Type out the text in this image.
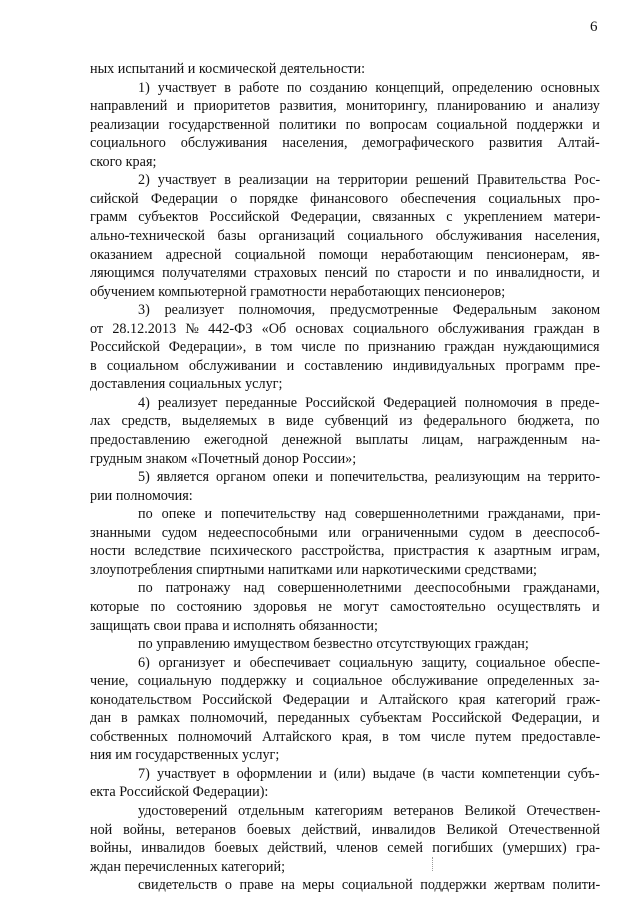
6
ных испытаний и космической деятельности:
1) участвует в работе по созданию концепций, определению основных
направлений и приоритетов развития, мониторингу, планированию и анализу
реализации государственной политики по вопросам социальной поддержки и
социального обслуживания населения, демографического развития Алтай-
ского края;
2) участвует в реализации на территории решений Правительства Рос-
сийской Федерации о порядке финансового обеспечения социальных про-
грамм субъектов Российской Федерации, связанных с укреплением матери-
ально-технической базы организаций социального обслуживания населения,
оказанием адресной социальной помощи неработающим пенсионерам, яв-
ляющимся получателями страховых пенсий по старости и по инвалидности, и
обучением компьютерной грамотности неработающих пенсионеров;
3) реализует полномочия, предусмотренные Федеральным законом
от 28.12.2013 № 442-ФЗ «Об основах социального обслуживания граждан в
Российской Федерации», в том числе по признанию граждан нуждающимися
в социальном обслуживании и составлению индивидуальных программ пре-
доставления социальных услуг;
4) реализует переданные Российской Федерацией полномочия в преде-
лах средств, выделяемых в виде субвенций из федерального бюджета, по
предоставлению ежегодной денежной выплаты лицам, награжденным на-
грудным знаком «Почетный донор России»;
5) является органом опеки и попечительства, реализующим на террито-
рии полномочия:
по опеке и попечительству над совершеннолетними гражданами, при-
знанными судом недееспособными или ограниченными судом в дееспособ-
ности вследствие психического расстройства, пристрастия к азартным играм,
злоупотребления спиртными напитками или наркотическими средствами;
по патронажу над совершеннолетними дееспособными гражданами,
которые по состоянию здоровья не могут самостоятельно осуществлять и
защищать свои права и исполнять обязанности;
по управлению имуществом безвестно отсутствующих граждан;
6) организует и обеспечивает социальную защиту, социальное обеспе-
чение, социальную поддержку и социальное обслуживание определенных за-
конодательством Российской Федерации и Алтайского края категорий граж-
дан в рамках полномочий, переданных субъектам Российской Федерации, и
собственных полномочий Алтайского края, в том числе путем предоставле-
ния им государственных услуг;
7) участвует в оформлении и (или) выдаче (в части компетенции субъ-
екта Российской Федерации):
удостоверений отдельным категориям ветеранов Великой Отечествен-
ной войны, ветеранов боевых действий, инвалидов Великой Отечественной
войны, инвалидов боевых действий, членов семей погибших (умерших) гра-
ждан перечисленных категорий;
свидетельств о праве на меры социальной поддержки жертвам полити-
